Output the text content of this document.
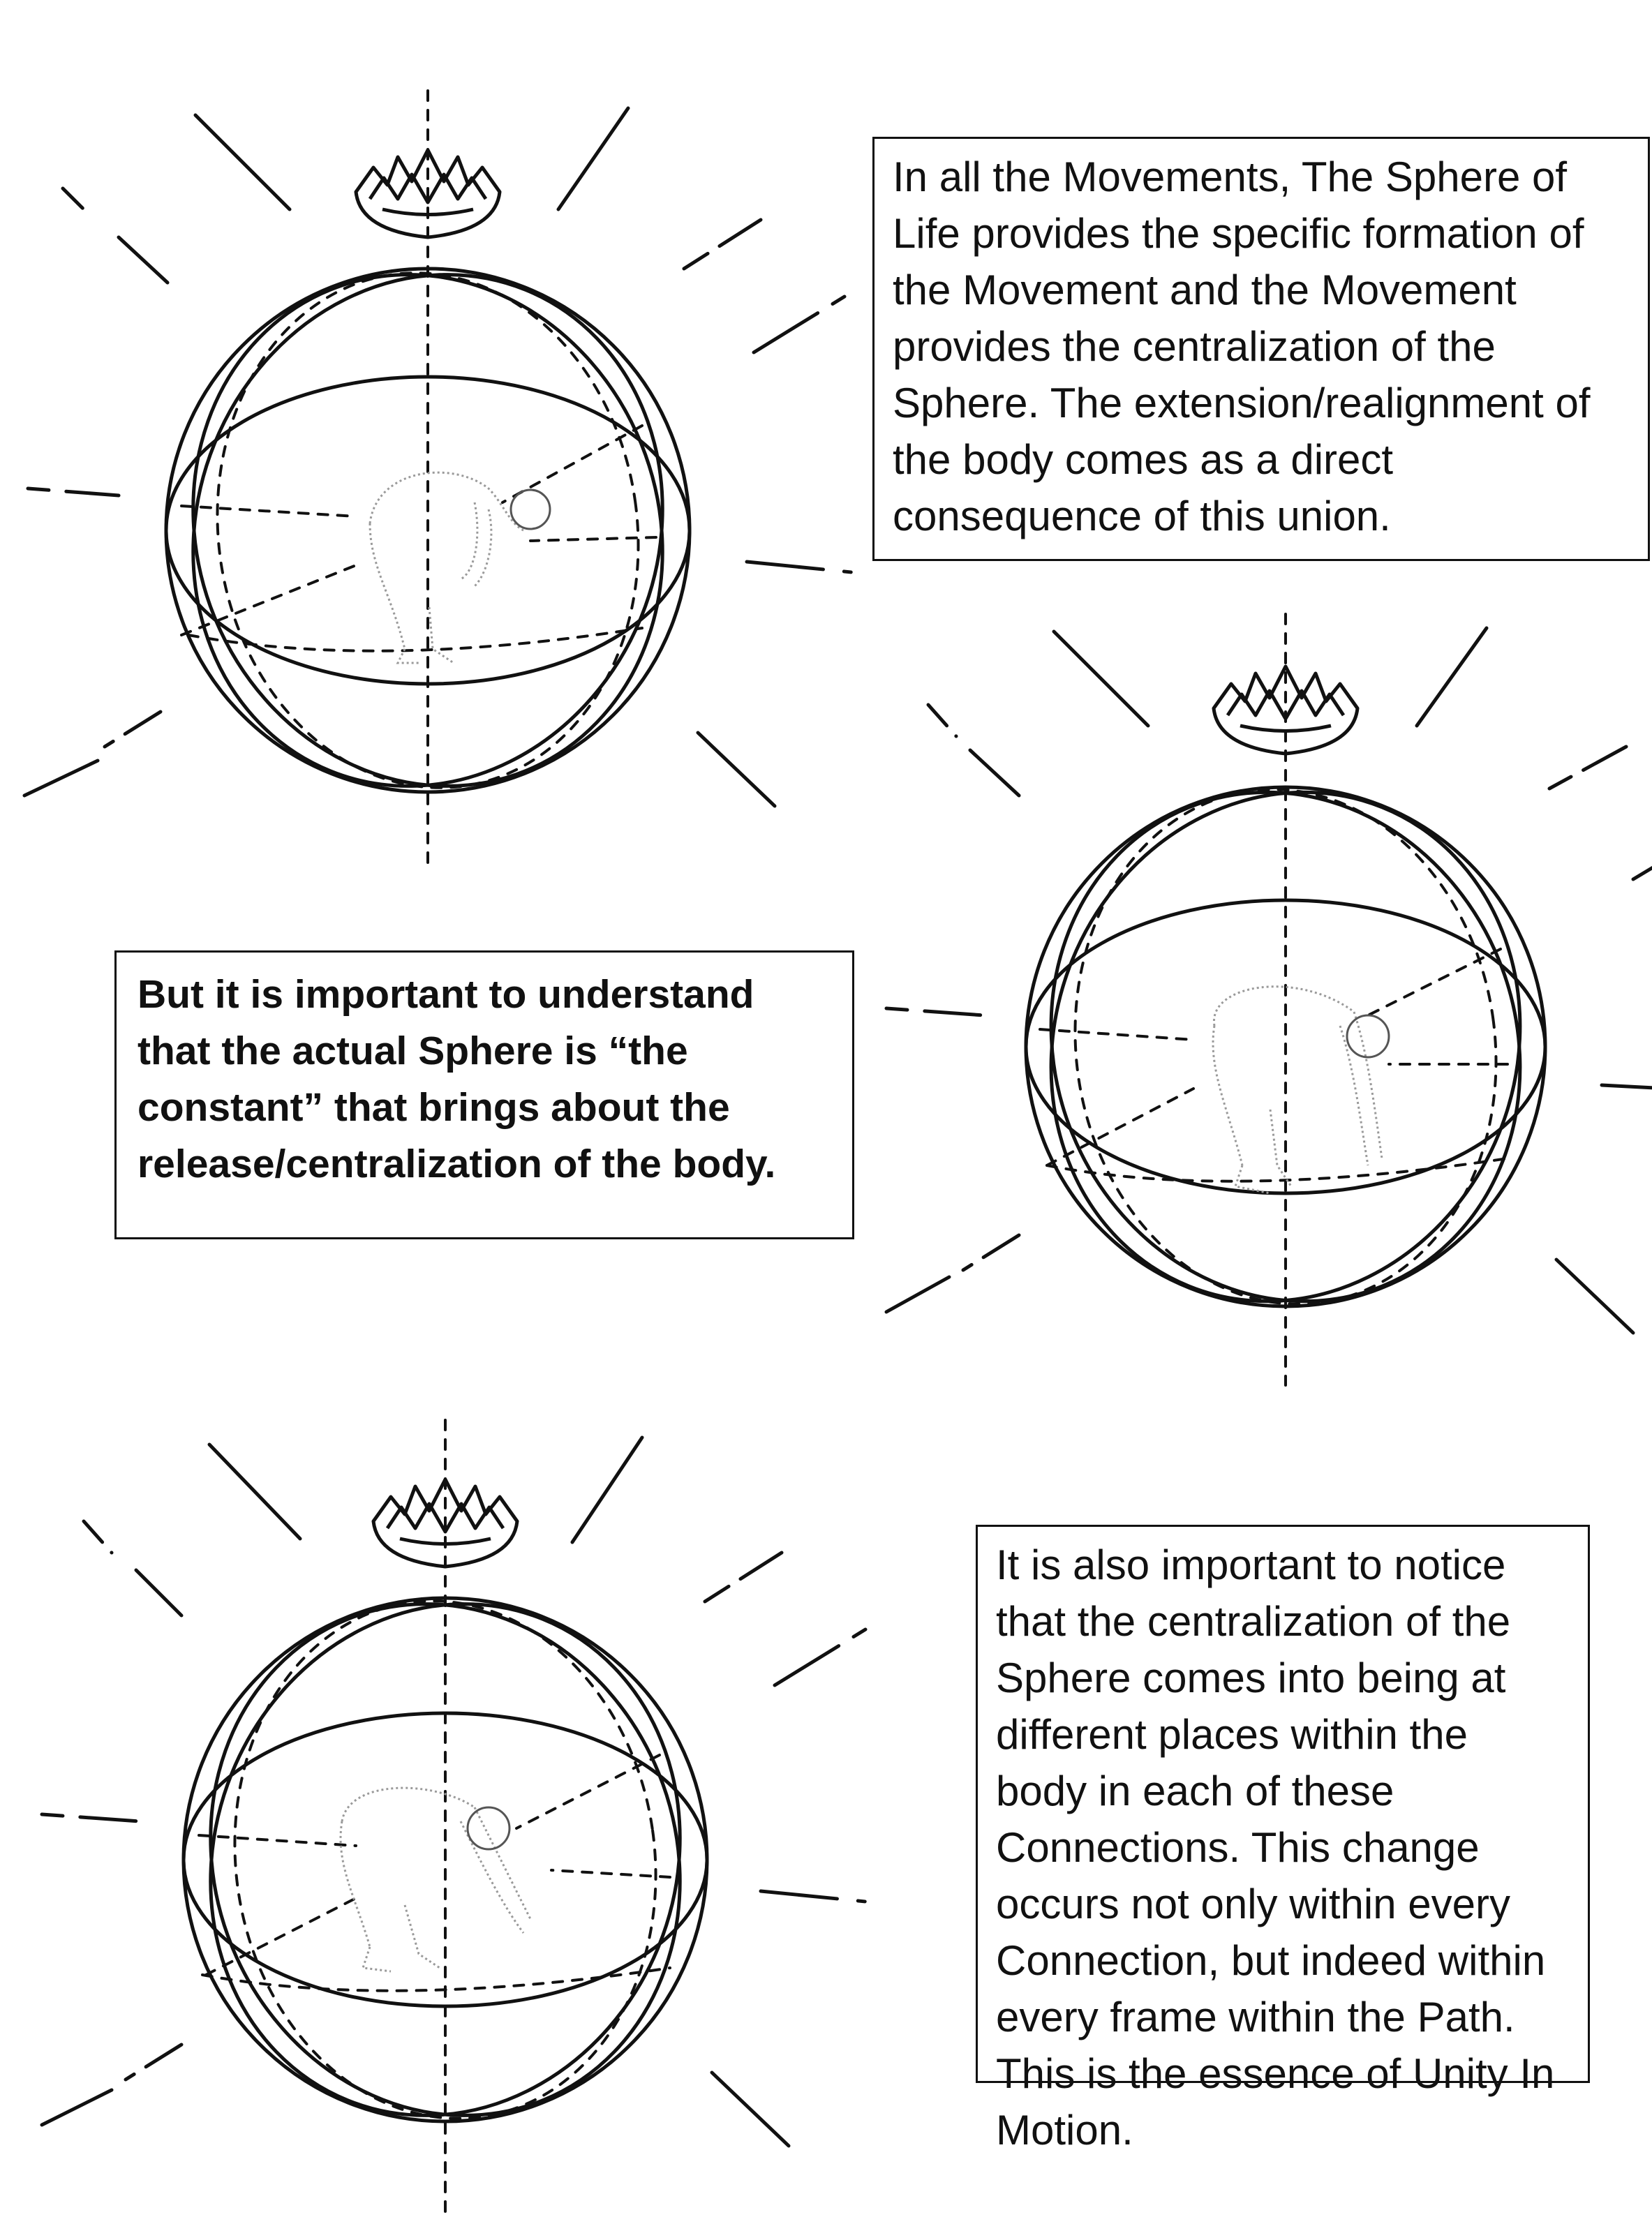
In all the Movements, The Sphere of Life provides the specific formation of the Movement and the Movement provides the centralization of the Sphere. The extension/realignment of the body comes as a direct consequence of this union.

But it is important to understand that the actual Sphere is “the constant” that brings about the release/centralization of the body.

It is also important to notice that the centralization of the Sphere comes into being at different places within the body in each of these Connections. This change occurs not only within every Connection, but indeed within every frame within the Path. This is the essence of Unity In Motion.
